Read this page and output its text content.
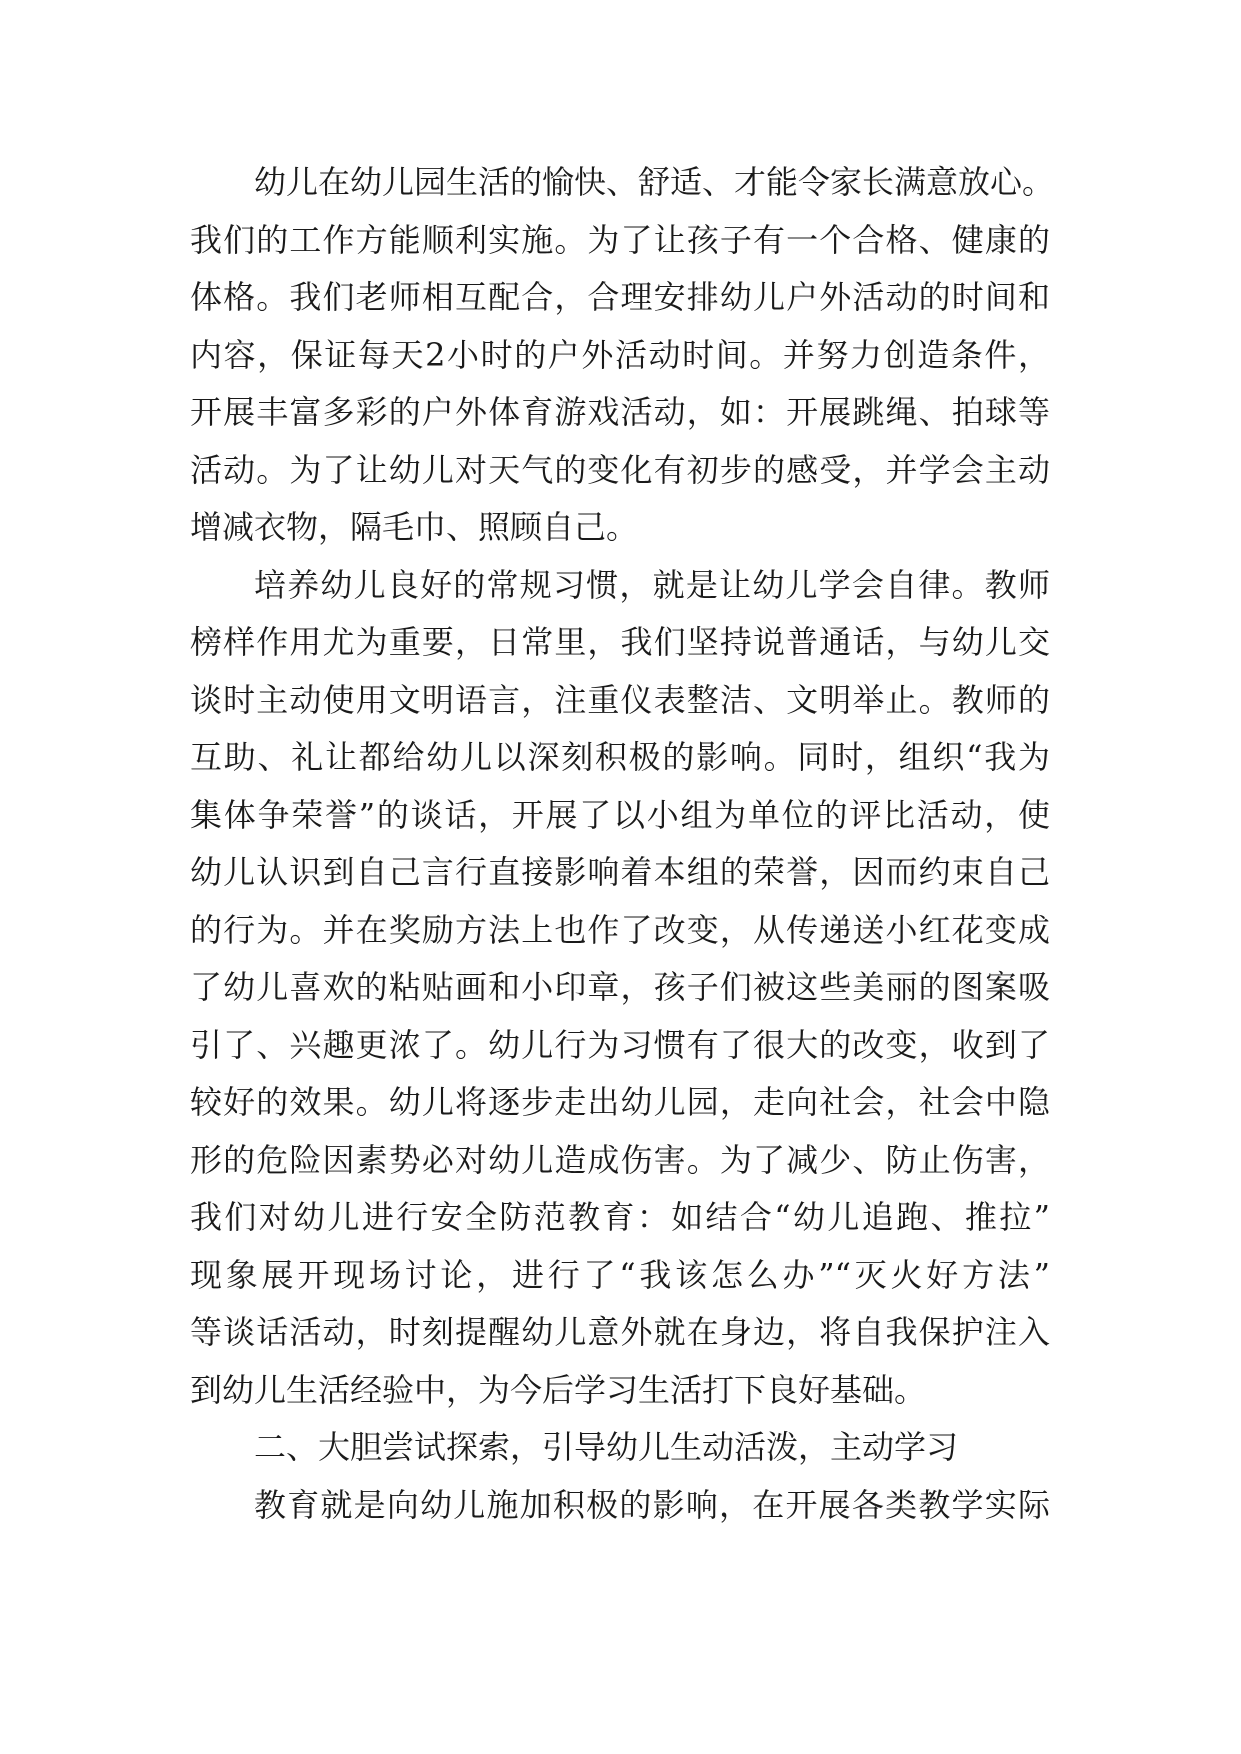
幼儿在幼儿园生活的愉快、舒适、才能令家长满意放心。
我们的工作方能顺利实施。为了让孩子有一个合格、健康的
体格。我们老师相互配合，合理安排幼儿户外活动的时间和
内容，保证每天2小时的户外活动时间。并努力创造条件，
开展丰富多彩的户外体育游戏活动，如：开展跳绳、拍球等
活动。为了让幼儿对天气的变化有初步的感受，并学会主动
增减衣物，隔毛巾、照顾自己。
培养幼儿良好的常规习惯，就是让幼儿学会自律。教师
榜样作用尤为重要，日常里，我们坚持说普通话，与幼儿交
谈时主动使用文明语言，注重仪表整洁、文明举止。教师的
互助、礼让都给幼儿以深刻积极的影响。同时，组织“我为
集体争荣誉”的谈话，开展了以小组为单位的评比活动，使
幼儿认识到自己言行直接影响着本组的荣誉，因而约束自己
的行为。并在奖励方法上也作了改变，从传递送小红花变成
了幼儿喜欢的粘贴画和小印章，孩子们被这些美丽的图案吸
引了、兴趣更浓了。幼儿行为习惯有了很大的改变，收到了
较好的效果。幼儿将逐步走出幼儿园，走向社会，社会中隐
形的危险因素势必对幼儿造成伤害。为了减少、防止伤害，
我们对幼儿进行安全防范教育：如结合“幼儿追跑、推拉”
现象展开现场讨论，进行了“我该怎么办”“灭火好方法”
等谈话活动，时刻提醒幼儿意外就在身边，将自我保护注入
到幼儿生活经验中，为今后学习生活打下良好基础。
二、大胆尝试探索，引导幼儿生动活泼，主动学习
教育就是向幼儿施加积极的影响，在开展各类教学实际
